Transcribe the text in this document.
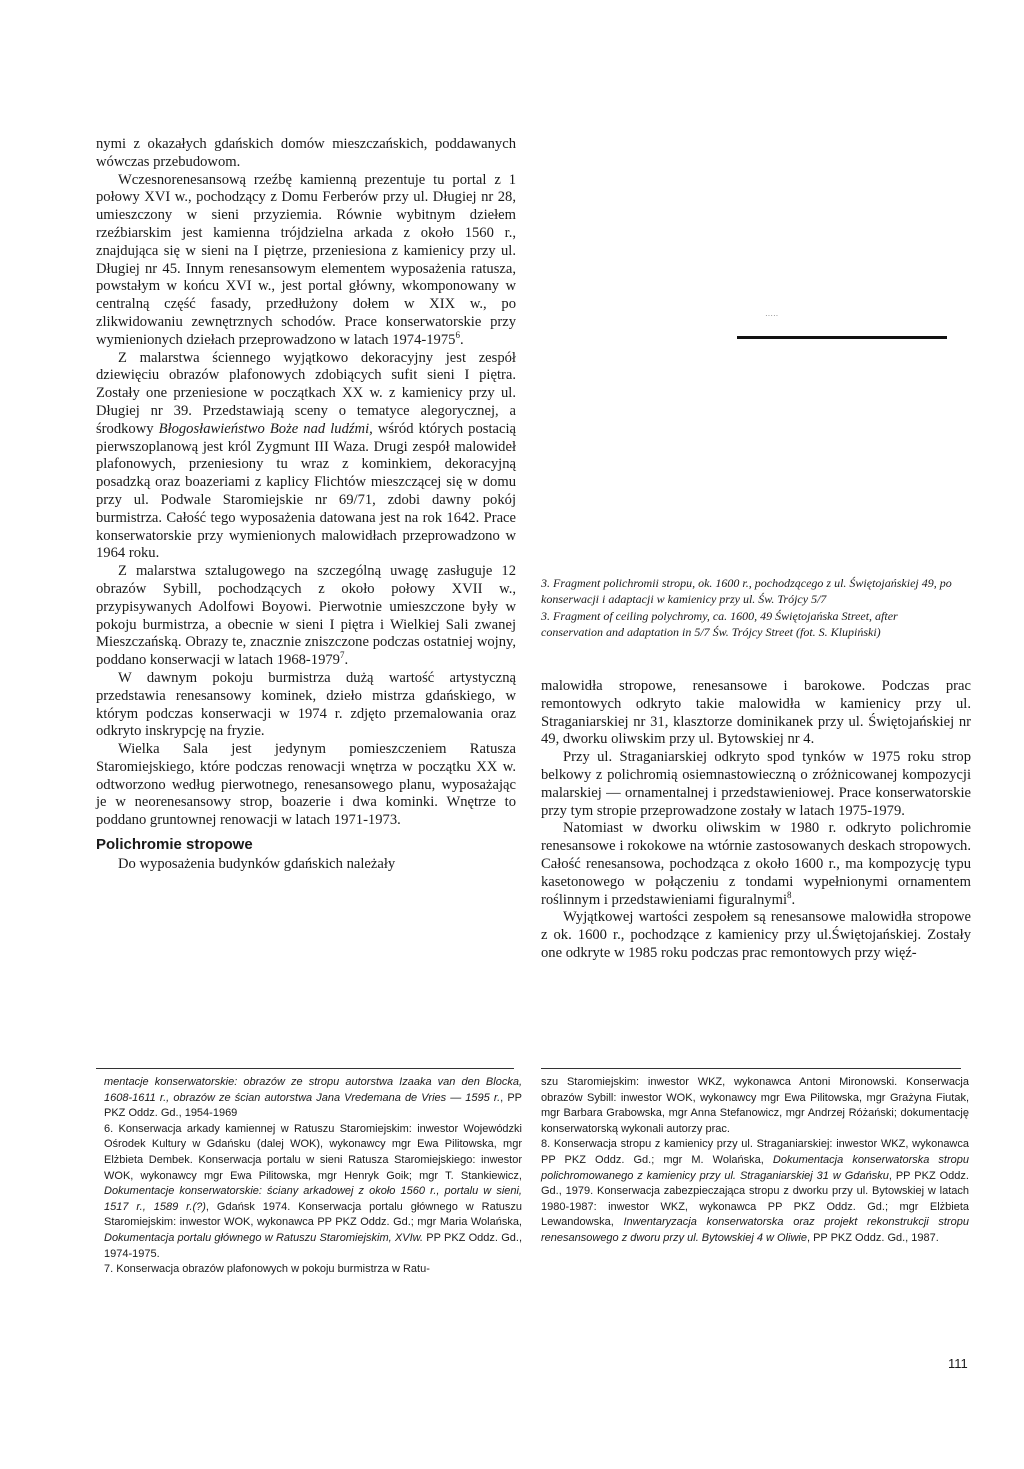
nymi z okazałych gdańskich domów mieszczańskich, poddawanych wówczas przebudowom.

Wczesnorenesansową rzeźbę kamienną prezentuje tu portal z 1 połowy XVI w., pochodzący z Domu Ferberów przy ul. Długiej nr 28, umieszczony w sieni przyziemia. Równie wybitnym dziełem rzeźbiarskim jest kamienna trójdzielna arkada z około 1560 r., znajdująca się w sieni na I piętrze, przeniesiona z kamienicy przy ul. Długiej nr 45. Innym renesansowym elementem wyposażenia ratusza, powstałym w końcu XVI w., jest portal główny, wkomponowany w centralną część fasady, przedłużony dołem w XIX w., po zlikwidowaniu zewnętrznych schodów. Prace konserwatorskie przy wymienionych dziełach przeprowadzono w latach 1974-1975$^6$.

Z malarstwa ściennego wyjątkowo dekoracyjny jest zespół dziewięciu obrazów plafonowych zdobiących sufit sieni I piętra. Zostały one przeniesione w początkach XX w. z kamienicy przy ul. Długiej nr 39. Przedstawiają sceny o tematyce alegorycznej, a środkowy Błogosławieństwo Boże nad ludźmi, wśród których postacią pierwszoplanową jest król Zygmunt III Waza. Drugi zespół malowideł plafonowych, przeniesiony tu wraz z kominkiem, dekoracyjną posadzką oraz boazeriami z kaplicy Flichtów mieszczącej się w domu przy ul. Podwale Staromiejskie nr 69/71, zdobi dawny pokój burmistrza. Całość tego wyposażenia datowana jest na rok 1642. Prace konserwatorskie przy wymienionych malowidłach przeprowadzono w 1964 roku.

Z malarstwa sztalugowego na szczególną uwagę zasługuje 12 obrazów Sybill, pochodzących z około połowy XVII w., przypisywanych Adolfowi Boyowi. Pierwotnie umieszczone były w pokoju burmistrza, a obecnie w sieni I piętra i Wielkiej Sali zwanej Mieszczańską. Obrazy te, znacznie zniszczone podczas ostatniej wojny, poddano konserwacji w latach 1968-1979$^7$.

W dawnym pokoju burmistrza dużą wartość artystyczną przedstawia renesansowy kominek, dzieło mistrza gdańskiego, w którym podczas konserwacji w 1974 r. zdjęto przemalowania oraz odkryto inskrypcję na fryzie.

Wielka Sala jest jedynym pomieszczeniem Ratusza Staromiejskiego, które podczas renowacji wnętrza w początku XX w. odtworzono według pierwotnego, renesansowego planu, wyposażając je w neorenesansowy strop, boazerie i dwa kominki. Wnętrze to poddano gruntownej renowacji w latach 1971-1973.

Polichromie stropowe

Do wyposażenia budynków gdańskich należały

·····

3. Fragment polichromii stropu, ok. 1600 r., pochodzącego z ul. Świętojańskiej 49, po konserwacji i adaptacji w kamienicy przy ul. Św. Trójcy 5/7

3. Fragment of ceiling polychromy, ca. 1600, 49 Świętojańska Street, after conservation and adaptation in 5/7 Św. Trójcy Street (fot. S. Klupiński)

malowidła stropowe, renesansowe i barokowe. Podczas prac remontowych odkryto takie malowidła w kamienicy przy ul. Straganiarskiej nr 31, klasztorze dominikanek przy ul. Świętojańskiej nr 49, dworku oliwskim przy ul. Bytowskiej nr 4.

Przy ul. Straganiarskiej odkryto spod tynków w 1975 roku strop belkowy z polichromią osiemnastowieczną o zróżnicowanej kompozycji malarskiej — ornamentalnej i przedstawieniowej. Prace konserwatorskie przy tym stropie przeprowadzone zostały w latach 1975-1979.

Natomiast w dworku oliwskim w 1980 r. odkryto polichromie renesansowe i rokokowe na wtórnie zastosowanych deskach stropowych. Całość renesansowa, pochodząca z około 1600 r., ma kompozycję typu kasetonowego w połączeniu z tondami wypełnionymi ornamentem roślinnym i przedstawieniami figuralnymi$^8$.

Wyjątkowej wartości zespołem są renesansowe malowidła stropowe z ok. 1600 r., pochodzące z kamienicy przy ul.Świętojańskiej. Zostały one odkryte w 1985 roku podczas prac remontowych przy więź-

mentacje konserwatorskie: obrazów ze stropu autorstwa Izaaka van den Blocka, 1608-1611 r., obrazów ze ścian autorstwa Jana Vredemana de Vries — 1595 r., PP PKZ Oddz. Gd., 1954-1969

6. Konserwacja arkady kamiennej w Ratuszu Staromiejskim: inwestor Wojewódzki Ośrodek Kultury w Gdańsku (dalej WOK), wykonawcy mgr Ewa Pilitowska, mgr Elżbieta Dembek. Konserwacja portalu w sieni Ratusza Staromiejskiego: inwestor WOK, wykonawcy mgr Ewa Pilitowska, mgr Henryk Goik; mgr T. Stankiewicz, Dokumentacje konserwatorskie: ściany arkadowej z około 1560 r., portalu w sieni, 1517 r., 1589 r.(?), Gdańsk 1974. Konserwacja portalu głównego w Ratuszu Staromiejskim: inwestor WOK, wykonawca PP PKZ Oddz. Gd.; mgr Maria Wolańska, Dokumentacja portalu głównego w Ratuszu Staromiejskim, XVIw. PP PKZ Oddz. Gd., 1974-1975.

7. Konserwacja obrazów plafonowych w pokoju burmistrza w Ratu-

szu Staromiejskim: inwestor WKZ, wykonawca Antoni Mironowski. Konserwacja obrazów Sybill: inwestor WOK, wykonawcy mgr Ewa Pilitowska, mgr Grażyna Fiutak, mgr Barbara Grabowska, mgr Anna Stefanowicz, mgr Andrzej Różański; dokumentację konserwatorską wykonali autorzy prac.

8. Konserwacja stropu z kamienicy przy ul. Straganiarskiej: inwestor WKZ, wykonawca PP PKZ Oddz. Gd.; mgr M. Wolańska, Dokumentacja konserwatorska stropu polichromowanego z kamienicy przy ul. Straganiarskiej 31 w Gdańsku, PP PKZ Oddz. Gd., 1979. Konserwacja zabezpieczająca stropu z dworku przy ul. Bytowskiej w latach 1980-1987: inwestor WKZ, wykonawca PP PKZ Oddz. Gd.; mgr Elżbieta Lewandowska, Inwentaryzacja konserwatorska oraz projekt rekonstrukcji stropu renesansowego z dworu przy ul. Bytowskiej 4 w Oliwie, PP PKZ Oddz. Gd., 1987.

111
